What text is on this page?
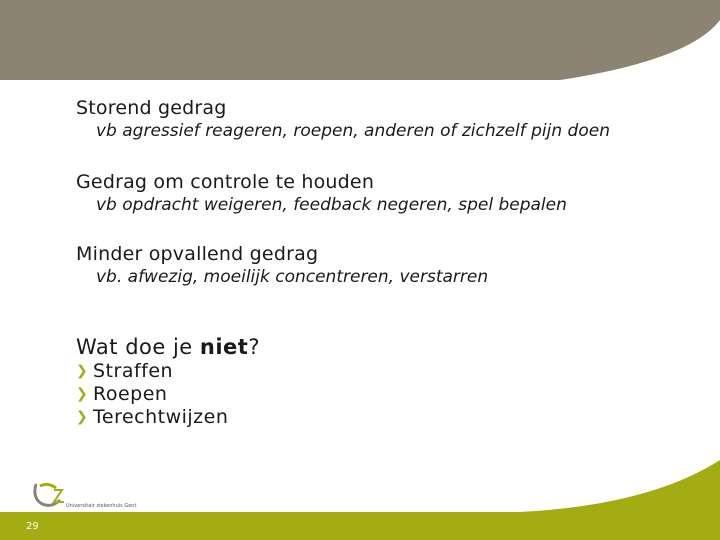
Storend gedrag
vb agressief reageren, roepen, anderen of zichzelf pijn doen
Gedrag om controle te houden
vb opdracht weigeren, feedback negeren, spel bepalen
Minder opvallend gedrag
vb. afwezig, moeilijk concentreren, verstarren
Wat doe je niet?
❯ Straffen
❯ Roepen
❯ Terechtwijzen
Universitair ziekenhuis Gent
29
